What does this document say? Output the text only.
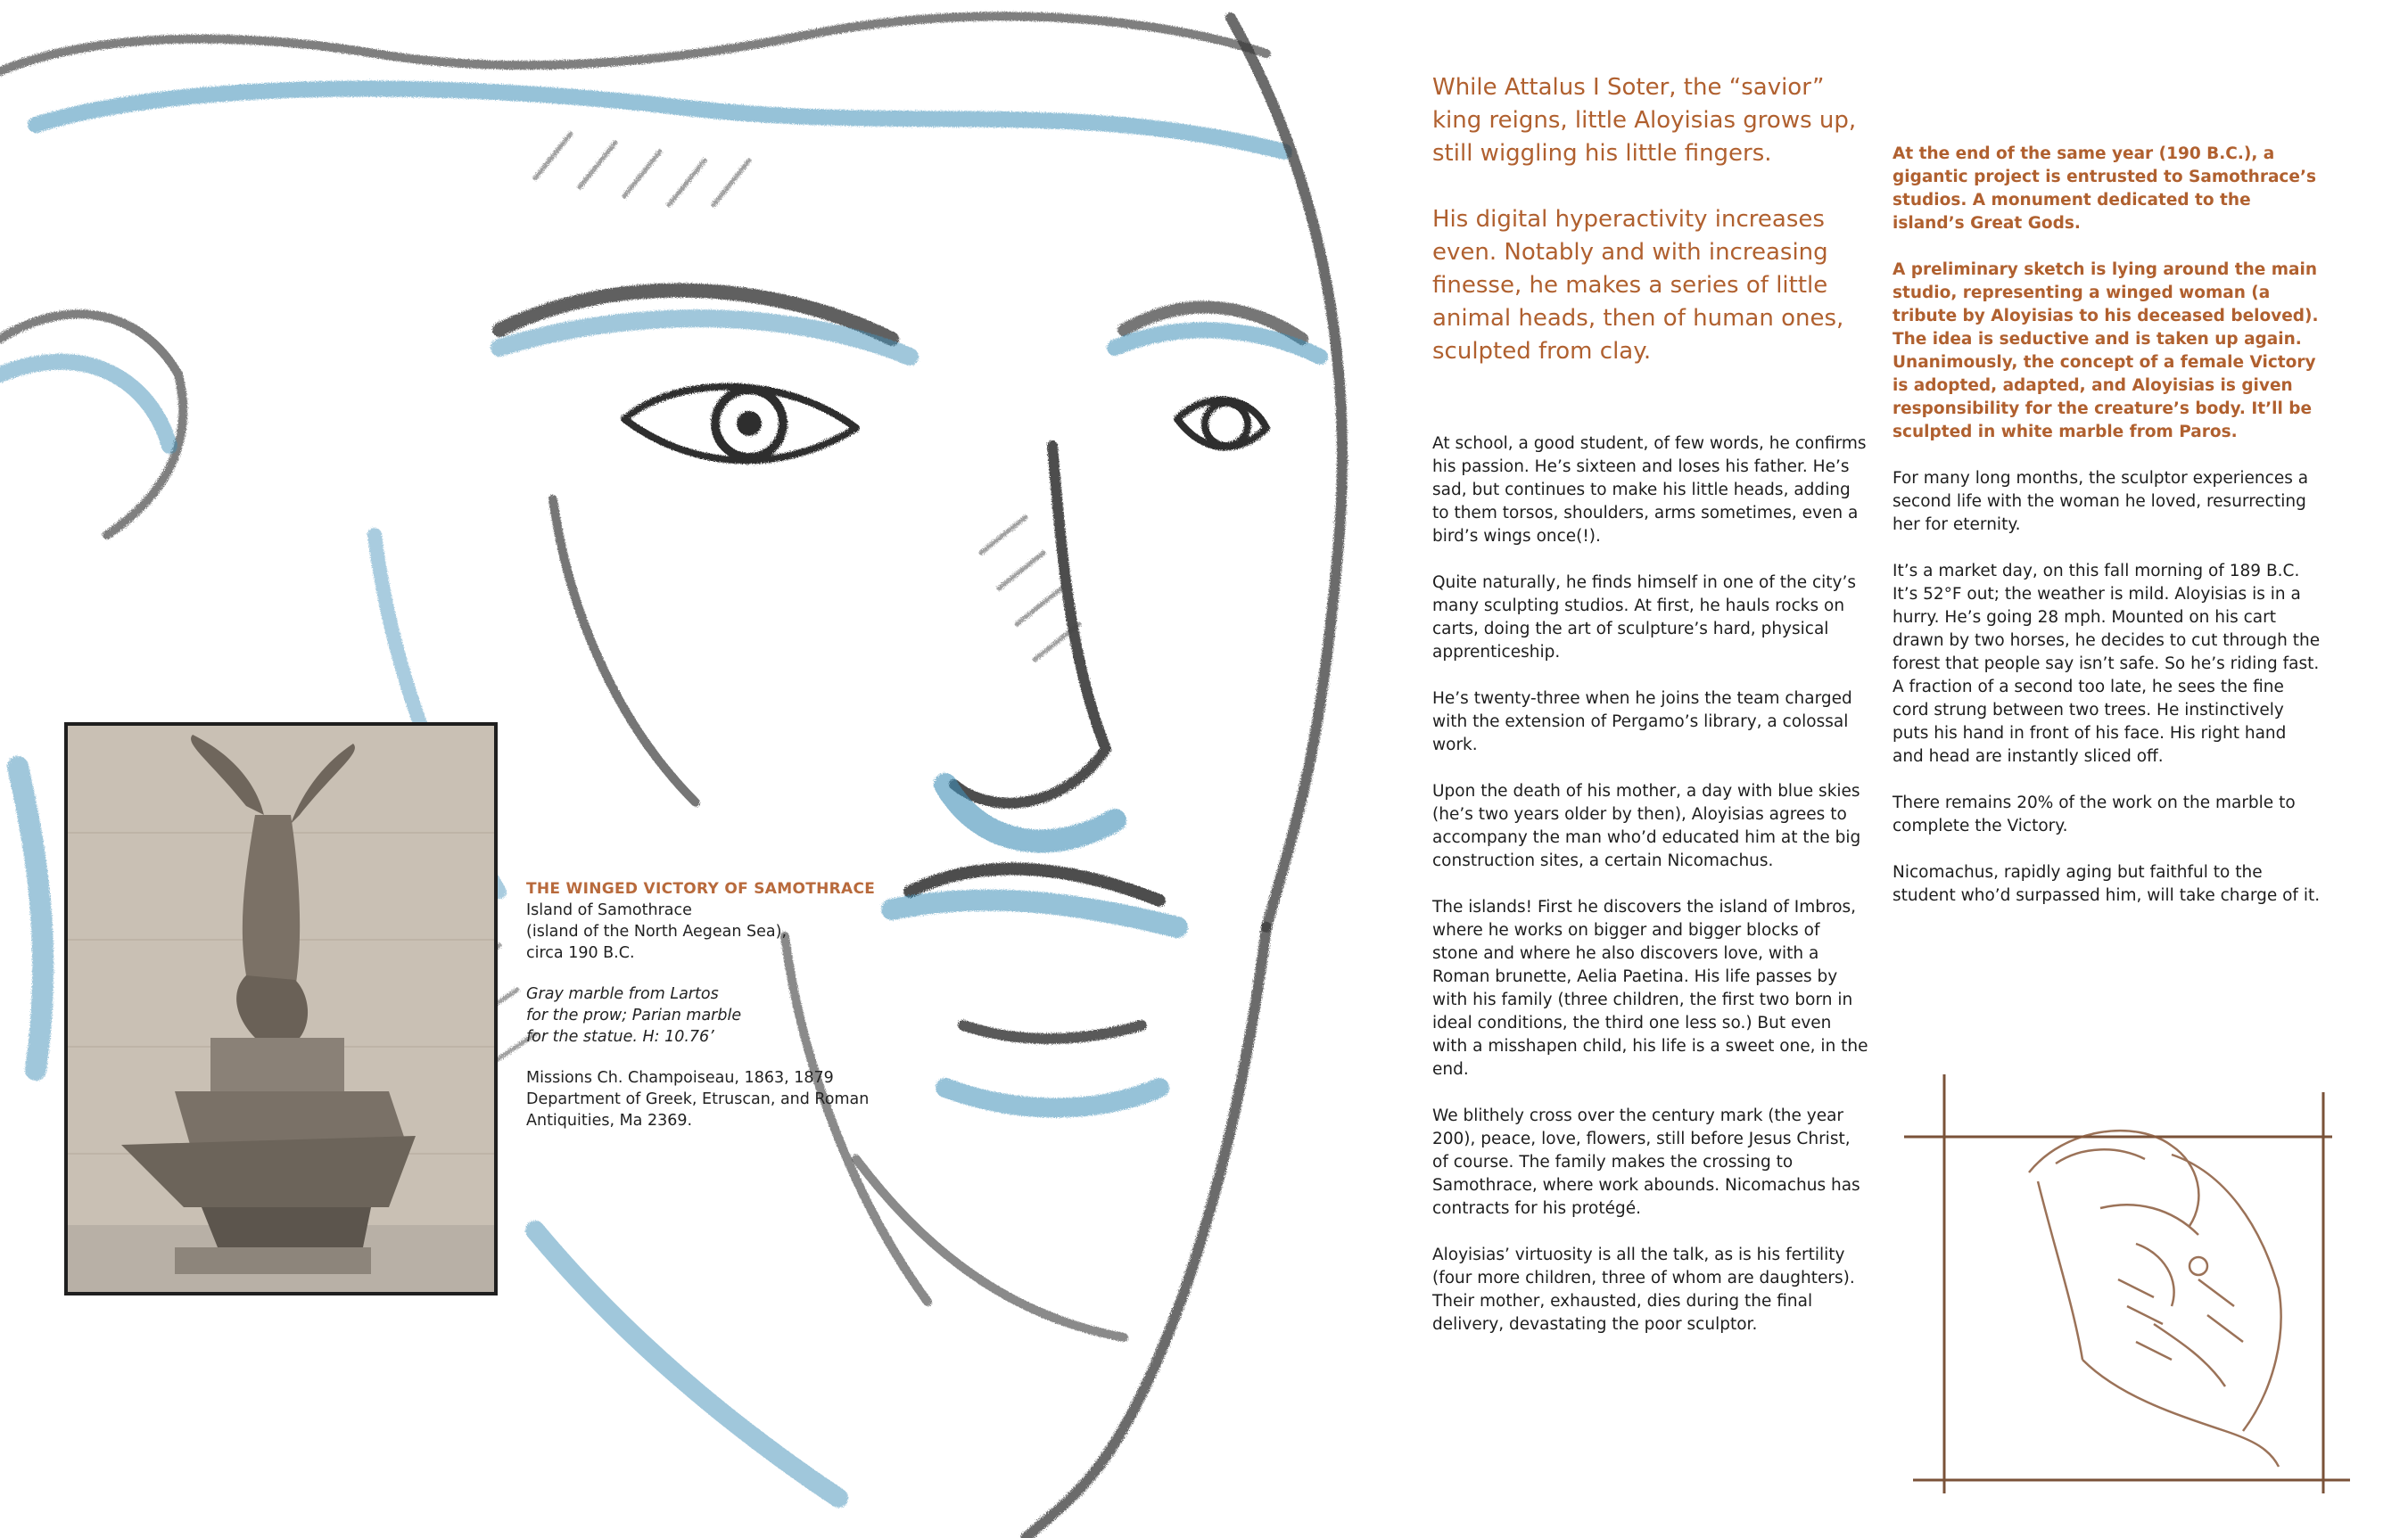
THE WINGED VICTORY OF SAMOTHRACE

Island of Samothrace
(island of the North Aegean Sea),
circa 190 B.C.

Gray marble from Lartos
for the prow; Parian marble
for the statue. H: 10.76’

Missions Ch. Champoiseau, 1863, 1879
Department of Greek, Etruscan, and Roman
Antiquities, Ma 2369.

While Attalus I Soter, the “savior” king reigns, little Aloyisias grows up, still wiggling his little fingers.

His digital hyperactivity increases even. Notably and with increasing finesse, he makes a series of little animal heads, then of human ones, sculpted from clay.

At school, a good student, of few words, he confirms his passion. He’s sixteen and loses his father. He’s sad, but continues to make his little heads, adding to them torsos, shoulders, arms sometimes, even a bird’s wings once(!).

Quite naturally, he finds himself in one of the city’s many sculpting studios. At first, he hauls rocks on carts, doing the art of sculpture’s hard, physical apprenticeship.

He’s twenty-three when he joins the team charged with the extension of Pergamo’s library, a colossal work.

Upon the death of his mother, a day with blue skies (he’s two years older by then), Aloyisias agrees to accompany the man who’d educated him at the big construction sites, a certain Nicomachus.

The islands! First he discovers the island of Imbros, where he works on bigger and bigger blocks of stone and where he also discovers love, with a Roman brunette, Aelia Paetina. His life passes by with his family (three children, the first two born in ideal conditions, the third one less so.) But even with a misshapen child, his life is a sweet one, in the end.

We blithely cross over the century mark (the year 200), peace, love, flowers, still before Jesus Christ, of course. The family makes the crossing to Samothrace, where work abounds. Nicomachus has contracts for his protégé.

Aloyisias’ virtuosity is all the talk, as is his fertility (four more children, three of whom are daughters). Their mother, exhausted, dies during the final delivery, devastating the poor sculptor.

At the end of the same year (190 B.C.), a gigantic project is entrusted to Samothrace’s studios. A monument dedicated to the island’s Great Gods.

A preliminary sketch is lying around the main studio, representing a winged woman (a tribute by Aloyisias to his deceased beloved). The idea is seductive and is taken up again. Unanimously, the concept of a female Victory is adopted, adapted, and Aloyisias is given responsibility for the creature’s body. It’ll be sculpted in white marble from Paros.

For many long months, the sculptor experiences a second life with the woman he loved, resurrecting her for eternity.

It’s a market day, on this fall morning of 189 B.C. It’s 52°F out; the weather is mild. Aloyisias is in a hurry. He’s going 28 mph. Mounted on his cart drawn by two horses, he decides to cut through the forest that people say isn’t safe. So he’s riding fast. A fraction of a second too late, he sees the fine cord strung between two trees. He instinctively puts his hand in front of his face. His right hand and head are instantly sliced off.

There remains 20% of the work on the marble to complete the Victory.

Nicomachus, rapidly aging but faithful to the student who’d surpassed him, will take charge of it.
